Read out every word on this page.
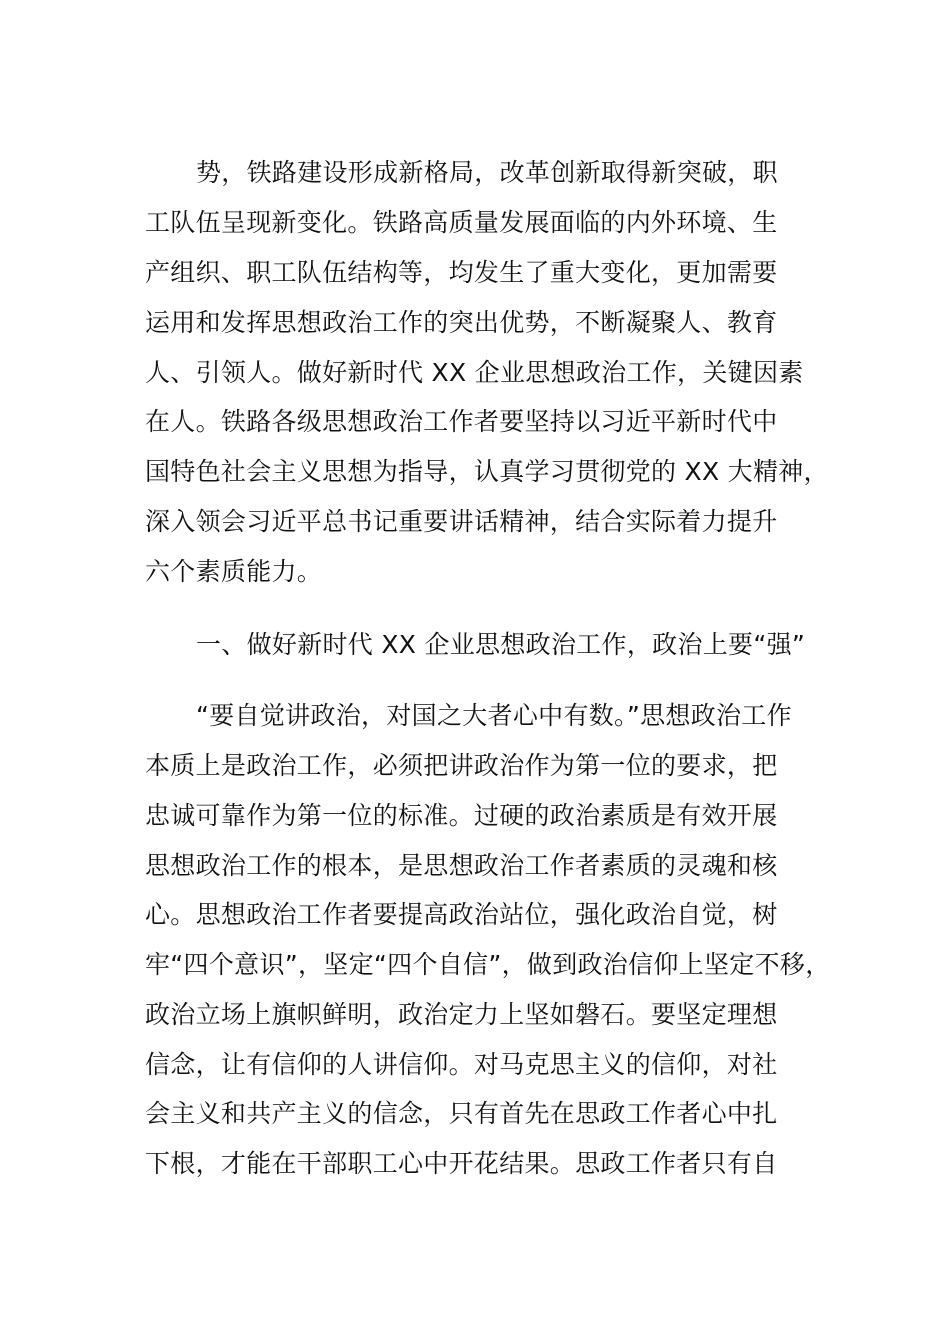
势，铁路建设形成新格局，改革创新取得新突破，职
工队伍呈现新变化。铁路高质量发展面临的内外环境、生
产组织、职工队伍结构等，均发生了重大变化，更加需要
运用和发挥思想政治工作的突出优势，不断凝聚人、教育
人、引领人。做好新时代 XX 企业思想政治工作，关键因素
在人。铁路各级思想政治工作者要坚持以习近平新时代中
国特色社会主义思想为指导，认真学习贯彻党的 XX 大精神，
深入领会习近平总书记重要讲话精神，结合实际着力提升
六个素质能力。
一、做好新时代 XX 企业思想政治工作，政治上要“强”
“要自觉讲政治，对国之大者心中有数。”思想政治工作
本质上是政治工作，必须把讲政治作为第一位的要求，把
忠诚可靠作为第一位的标准。过硬的政治素质是有效开展
思想政治工作的根本，是思想政治工作者素质的灵魂和核
心。思想政治工作者要提高政治站位，强化政治自觉，树
牢“四个意识”，坚定“四个自信”，做到政治信仰上坚定不移，
政治立场上旗帜鲜明，政治定力上坚如磐石。要坚定理想
信念，让有信仰的人讲信仰。对马克思主义的信仰，对社
会主义和共产主义的信念，只有首先在思政工作者心中扎
下根，才能在干部职工心中开花结果。思政工作者只有自
